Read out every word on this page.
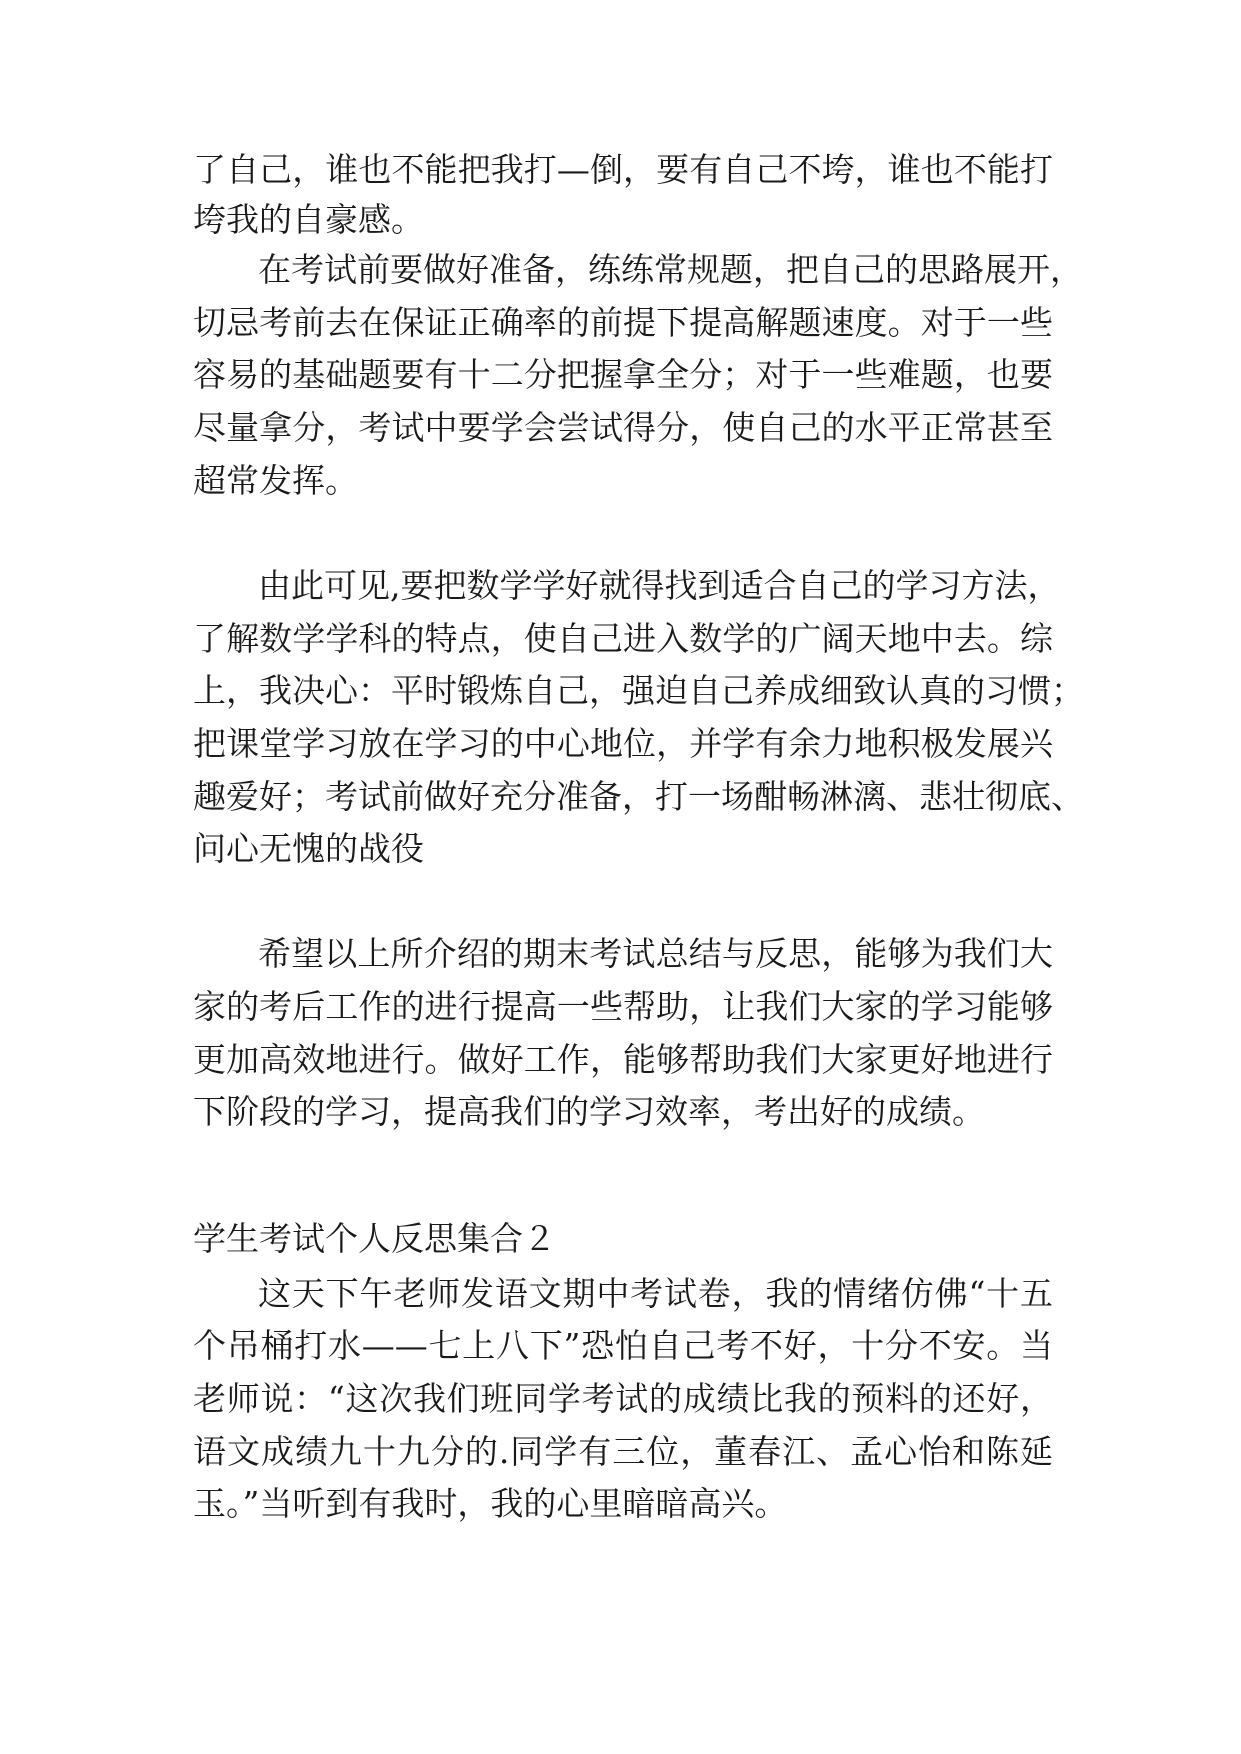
了自己，谁也不能把我打—倒，要有自己不垮，谁也不能打
垮我的自豪感。
在考试前要做好准备，练练常规题，把自己的思路展开，
切忌考前去在保证正确率的前提下提高解题速度。对于一些
容易的基础题要有十二分把握拿全分；对于一些难题，也要
尽量拿分，考试中要学会尝试得分，使自己的水平正常甚至
超常发挥。
由此可见,要把数学学好就得找到适合自己的学习方法，
了解数学学科的特点，使自己进入数学的广阔天地中去。综
上，我决心：平时锻炼自己，强迫自己养成细致认真的习惯；
把课堂学习放在学习的中心地位，并学有余力地积极发展兴
趣爱好；考试前做好充分准备，打一场酣畅淋漓、悲壮彻底、
问心无愧的战役
希望以上所介绍的期末考试总结与反思，能够为我们大
家的考后工作的进行提高一些帮助，让我们大家的学习能够
更加高效地进行。做好工作，能够帮助我们大家更好地进行
下阶段的学习，提高我们的学习效率，考出好的成绩。
学生考试个人反思集合２
这天下午老师发语文期中考试卷，我的情绪仿佛“十五
个吊桶打水——七上八下”恐怕自己考不好，十分不安。当
老师说：“这次我们班同学考试的成绩比我的预料的还好，
语文成绩九十九分的.同学有三位，董春江、孟心怡和陈延
玉。”当听到有我时，我的心里暗暗高兴。
